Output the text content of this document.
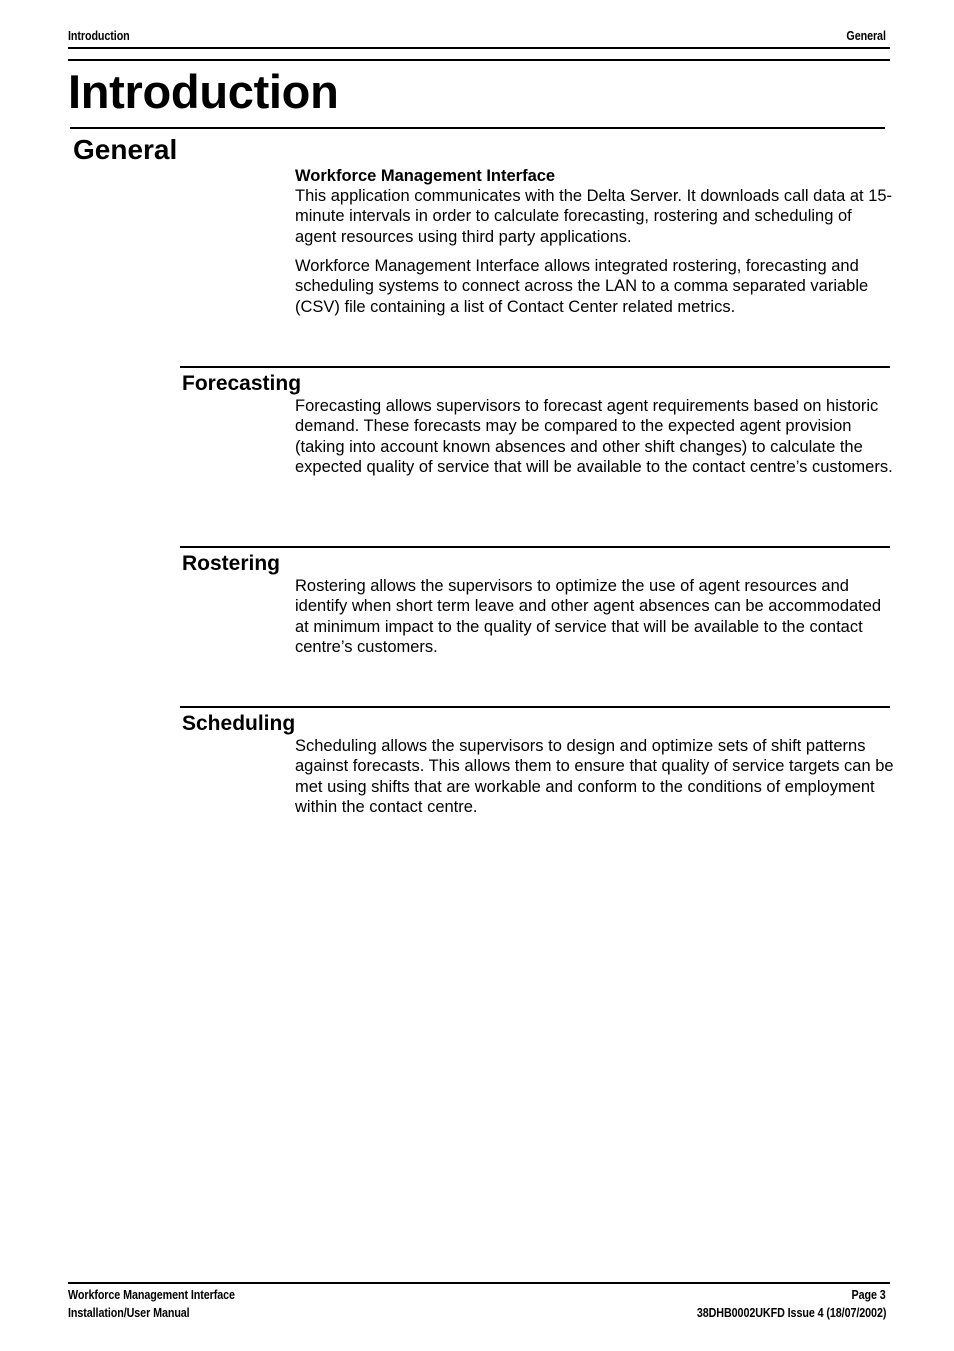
Introduction	General
Introduction
General
Workforce Management Interface
This application communicates with the Delta Server. It downloads call data at 15-minute intervals in order to calculate forecasting, rostering and scheduling of agent resources using third party applications.
Workforce Management Interface allows integrated rostering, forecasting and scheduling systems to connect across the LAN to a comma separated variable (CSV) file containing a list of Contact Center related metrics.
Forecasting
Forecasting allows supervisors to forecast agent requirements based on historic demand. These forecasts may be compared to the expected agent provision (taking into account known absences and other shift changes) to calculate the expected quality of service that will be available to the contact centre’s customers.
Rostering
Rostering allows the supervisors to optimize the use of agent resources and identify when short term leave and other agent absences can be accommodated at minimum impact to the quality of service that will be available to the contact centre’s customers.
Scheduling
Scheduling allows the supervisors to design and optimize sets of shift patterns against forecasts. This allows them to ensure that quality of service targets can be met using shifts that are workable and conform to the conditions of employment within the contact centre.
Workforce Management Interface
Installation/User Manual
Page 3
38DHB0002UKFD Issue 4 (18/07/2002)
